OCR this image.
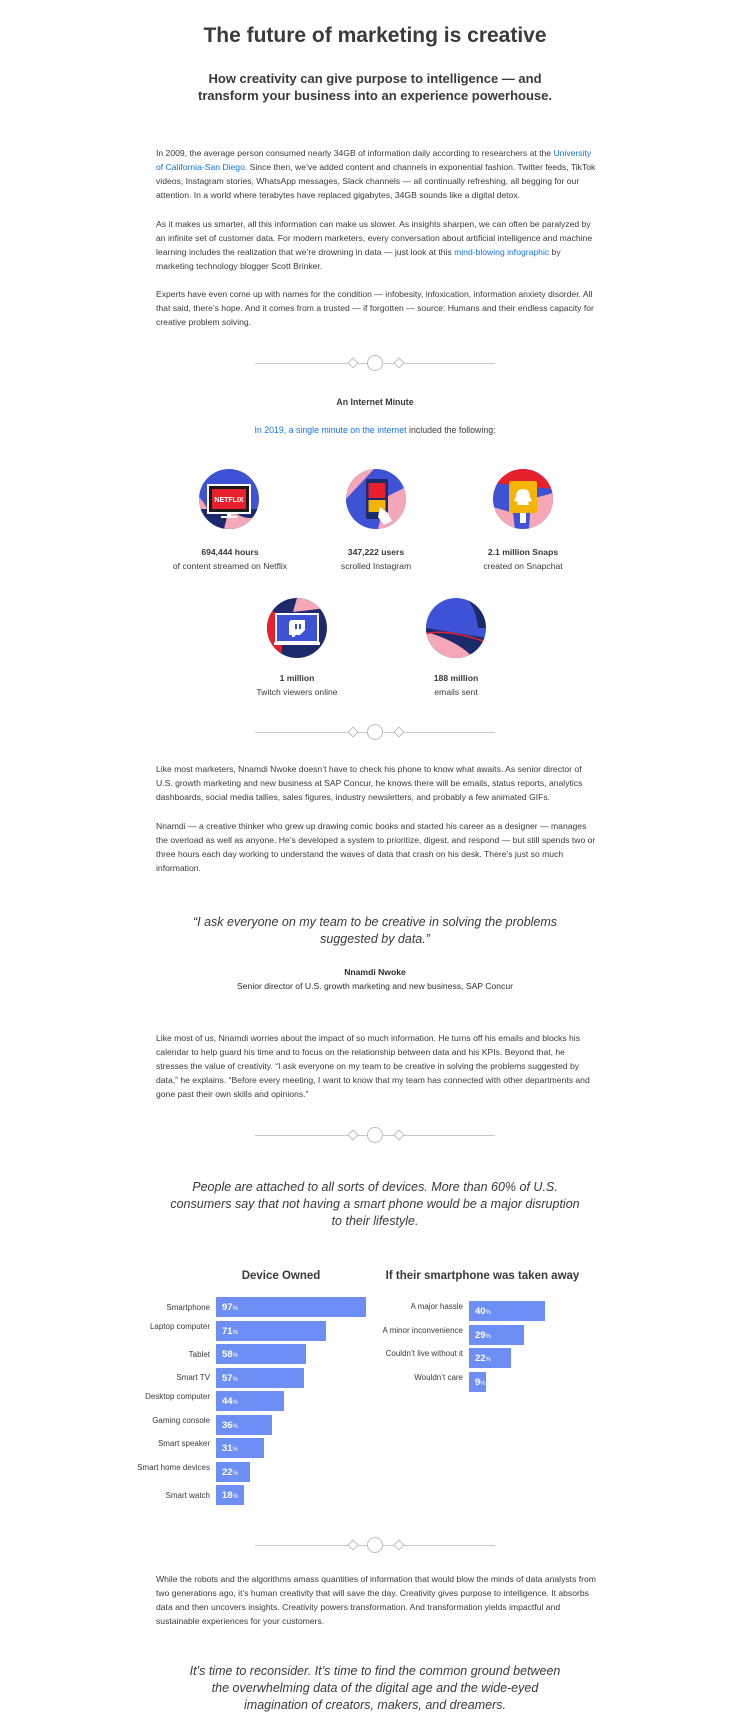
The future of marketing is creative
How creativity can give purpose to intelligence — and transform your business into an experience powerhouse.

In 2009, the average person consumed nearly 34GB of information daily according to researchers at the University of California-San Diego. Since then, we’ve added content and channels in exponential fashion. Twitter feeds, TikTok videos, Instagram stories, WhatsApp messages, Slack channels — all continually refreshing, all begging for our attention. In a world where terabytes have replaced gigabytes, 34GB sounds like a digital detox.

As it makes us smarter, all this information can make us slower. As insights sharpen, we can often be paralyzed by an infinite set of customer data. For modern marketers, every conversation about artificial intelligence and machine learning includes the realization that we’re drowning in data — just look at this mind-blowing infographic by marketing technology blogger Scott Brinker.

Experts have even come up with names for the condition — infobesity, infoxication, information anxiety disorder. All that said, there’s hope. And it comes from a trusted — if forgotten — source: Humans and their endless capacity for creative problem solving.

An Internet Minute
In 2019, a single minute on the internet included the following:
NETFLIX
694,444 hours
of content streamed on Netflix
347,222 users
scrolled Instagram
2.1 million Snaps
created on Snapchat
1 million
Twitch viewers online
188 million
emails sent

Like most marketers, Nnamdi Nwoke doesn’t have to check his phone to know what awaits. As senior director of U.S. growth marketing and new business at SAP Concur, he knows there will be emails, status reports, analytics dashboards, social media tallies, sales figures, industry newsletters, and probably a few animated GIFs.

Nnamdi — a creative thinker who grew up drawing comic books and started his career as a designer — manages the overload as well as anyone. He’s developed a system to prioritize, digest, and respond — but still spends two or three hours each day working to understand the waves of data that crash on his desk. There’s just so much information.

“I ask everyone on my team to be creative in solving the problems suggested by data.”
Nnamdi Nwoke
Senior director of U.S. growth marketing and new business, SAP Concur

Like most of us, Nnamdi worries about the impact of so much information. He turns off his emails and blocks his calendar to help guard his time and to focus on the relationship between data and his KPIs. Beyond that, he stresses the value of creativity. “I ask everyone on my team to be creative in solving the problems suggested by data,” he explains. “Before every meeting, I want to know that my team has connected with other departments and gone past their own skills and opinions.”

People are attached to all sorts of devices. More than 60% of U.S. consumers say that not having a smart phone would be a major disruption to their lifestyle.
Device Owned	If their smartphone was taken away

While the robots and the algorithms amass quantities of information that would blow the minds of data analysts from two generations ago, it’s human creativity that will save the day. Creativity gives purpose to intelligence. It absorbs data and then uncovers insights. Creativity powers transformation. And transformation yields impactful and sustainable experiences for your customers.

It’s time to reconsider. It’s time to find the common ground between the overwhelming data of the digital age and the wide-eyed imagination of creators, makers, and dreamers.
Smartphone 97%
Laptop computer 71%
Tablet 58%
Smart TV 57%
Desktop computer 44%
Gaming console 36%
Smart speaker 31%
Smart home devices 22%
Smart watch 18%
A major hassle 40%
A minor inconvenience 29%
Couldn’t live without it 22%
Wouldn’t care 9%
